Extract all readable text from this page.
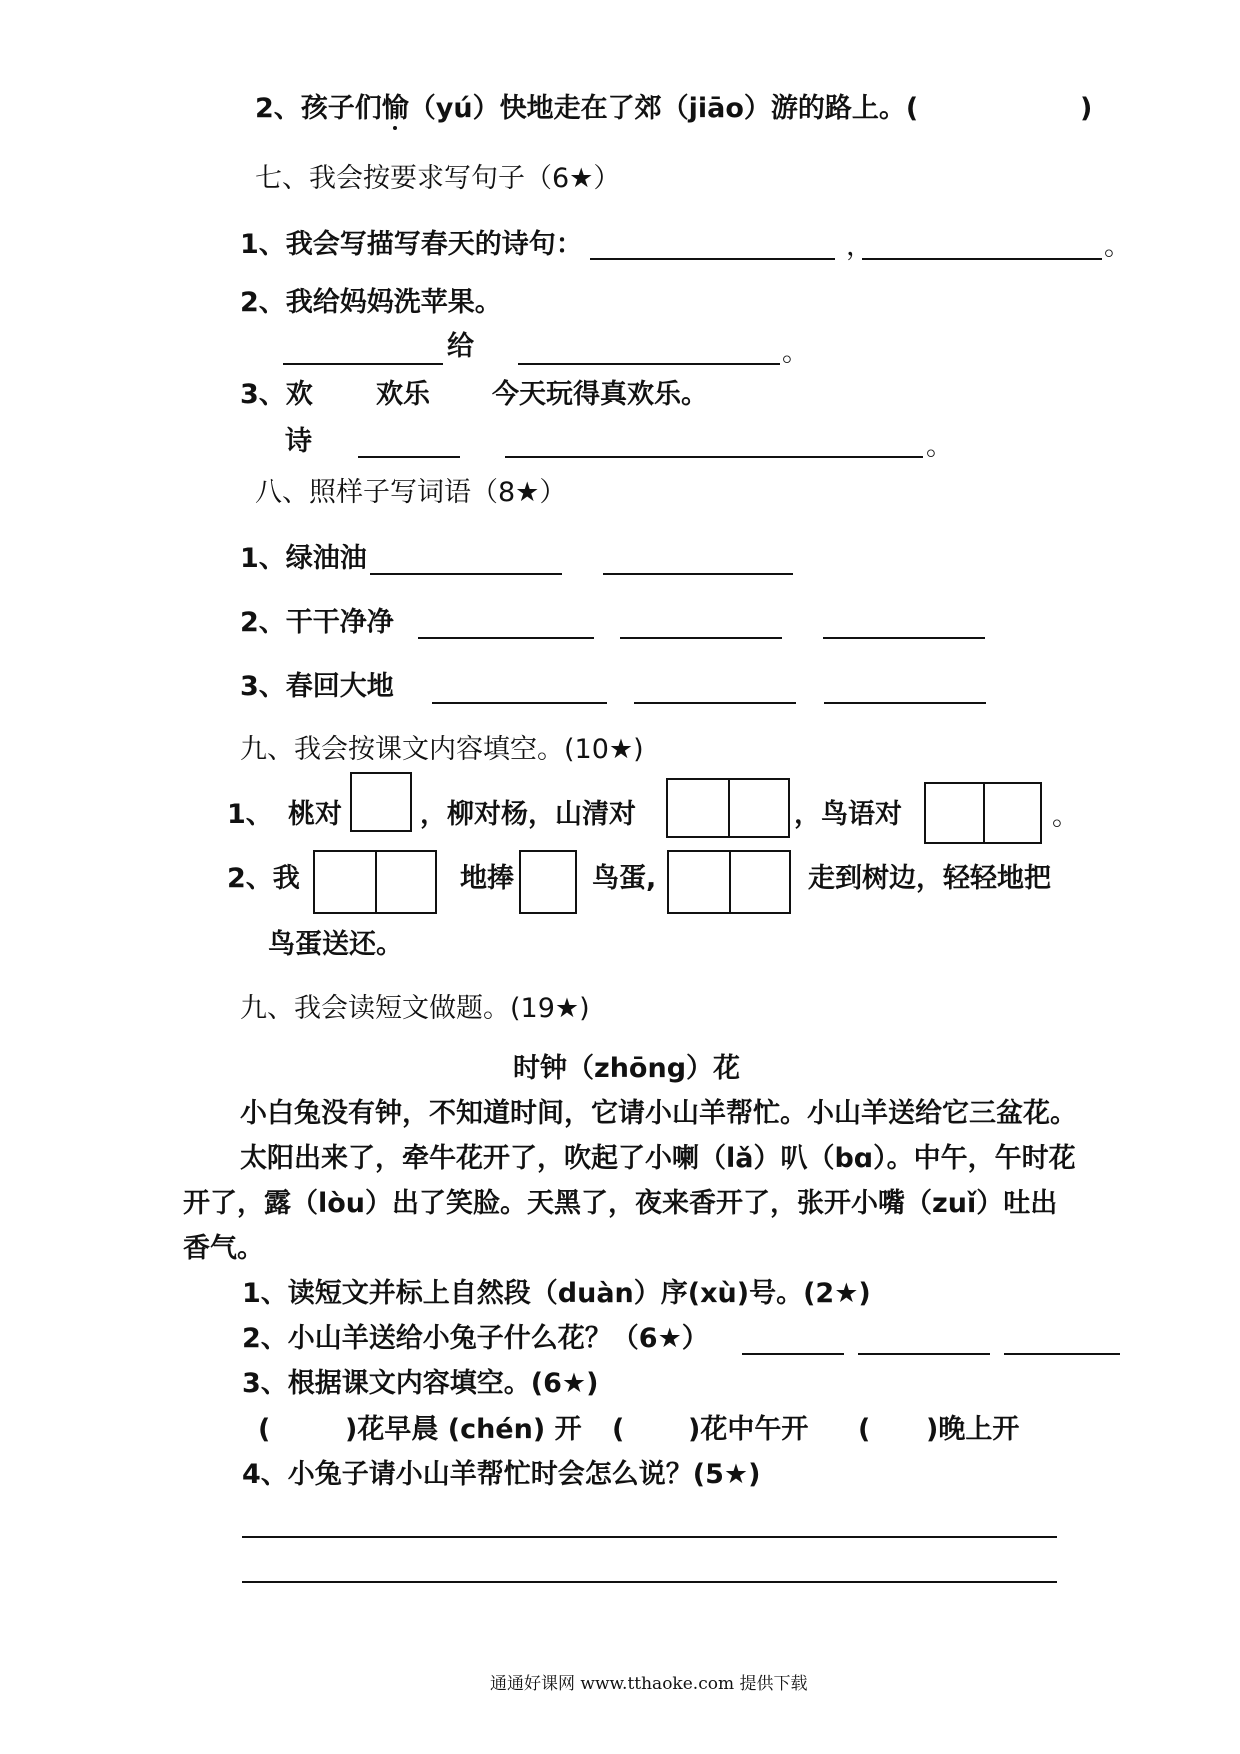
2、孩子们愉（yú）快地走在了郊（jiāo）游的路上。(	)
七、我会按要求写句子（6★）
1、我会写描写春天的诗句：	，	。
2、我给妈妈洗苹果。
给	。
3、欢 欢乐 今天玩得真欢乐。
诗	。
八、照样子写词语（8★）
1、绿油油
2、干干净净
3、春回大地
九、我会按课文内容填空。(10★)
1、 桃对	，柳对杨，山清对	，鸟语对	。
2、我	地捧	鸟蛋,	走到树边，轻轻地把
鸟蛋送还。
九、我会读短文做题。(19★)
时钟（zhōng）花
小白兔没有钟，不知道时间，它请小山羊帮忙。小山羊送给它三盆花。
太阳出来了，牵牛花开了，吹起了小喇（lǎ）叭（bɑ）。中午，午时花
开了，露（lòu）出了笑脸。天黑了，夜来香开了，张开小嘴（zuǐ）吐出
香气。
1、读短文并标上自然段（duàn）序(xù)号。(2★)
2、小山羊送给小兔子什么花？（6★）
3、根据课文内容填空。(6★)
(	)花早晨 (chén) 开 ( )花中午开 ( )晚上开
4、小兔子请小山羊帮忙时会怎么说？(5★)
通通好课网 www.tthaoke.com 提供下载
